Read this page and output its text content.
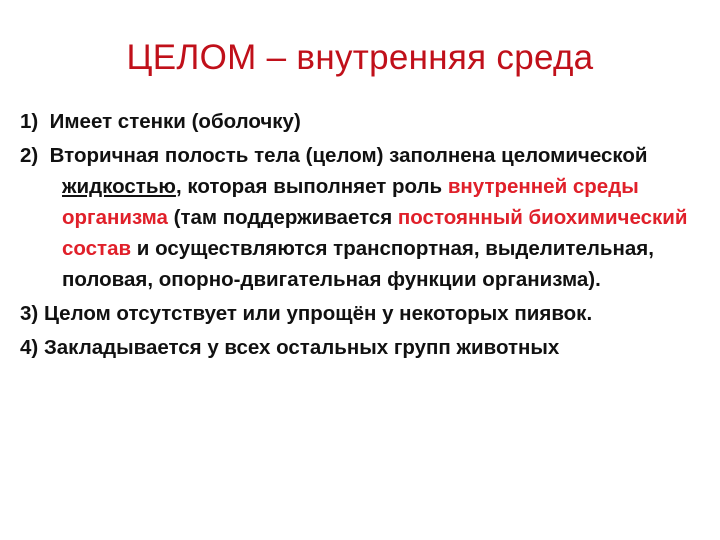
ЦЕЛОМ – внутренняя среда
1) Имеет стенки (оболочку)
2) Вторичная полость тела (целом) заполнена целомической жидкостью, которая выполняет роль внутренней среды организма (там поддерживается постоянный биохимический состав и осуществляются транспортная, выделительная, половая, опорно-двигательная функции организма).
3) Целом отсутствует или упрощён у некоторых пиявок.
4) Закладывается у всех остальных групп животных
